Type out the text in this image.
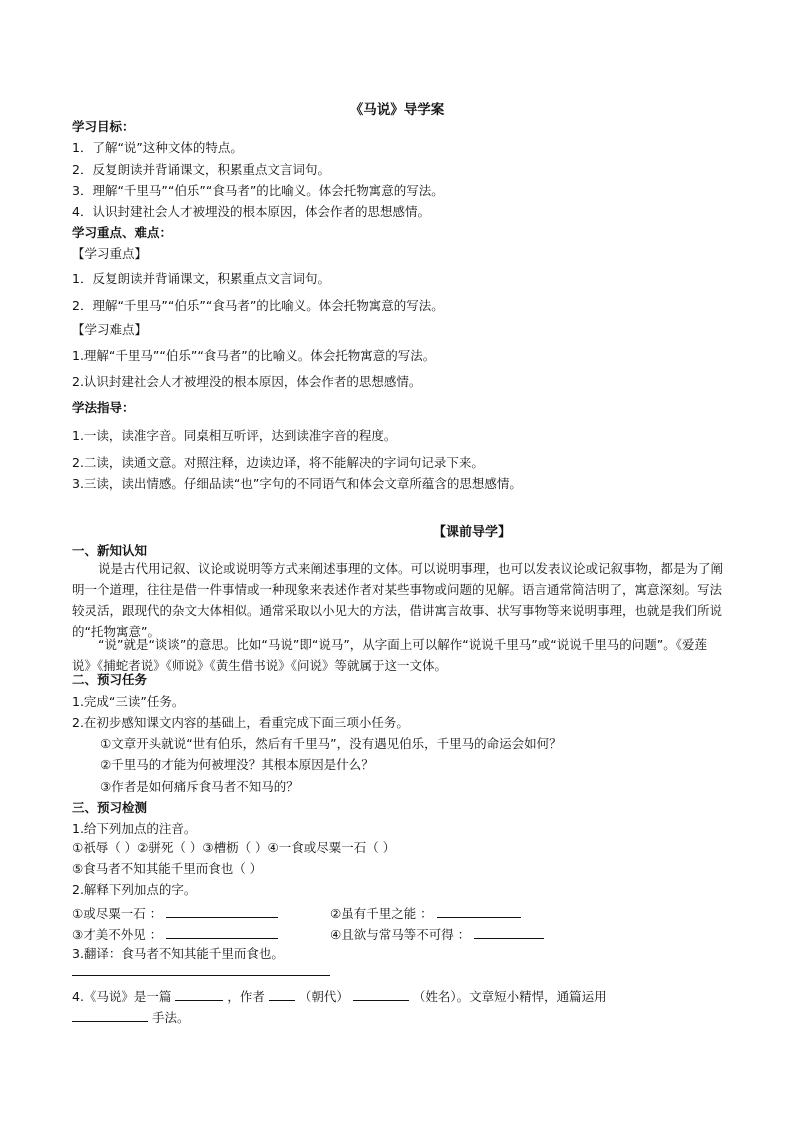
《马说》导学案
学习目标：
1．了解“说”这种文体的特点。
2．反复朗读并背诵课文，积累重点文言词句。
3．理解“千里马”“伯乐”“食马者”的比喻义。体会托物寓意的写法。
4．认识封建社会人才被埋没的根本原因，体会作者的思想感情。
学习重点、难点：
【学习重点】
1．反复朗读并背诵课文，积累重点文言词句。
2．理解“千里马”“伯乐”“食马者”的比喻义。体会托物寓意的写法。
【学习难点】
1.理解“千里马”“伯乐”“食马者”的比喻义。体会托物寓意的写法。
2.认识封建社会人才被埋没的根本原因，体会作者的思想感情。
学法指导：
1.一读，读准字音。同桌相互听评，达到读准字音的程度。
2.二读，读通文意。对照注释，边读边译，将不能解决的字词句记录下来。
3.三读，读出情感。仔细品读“也”字句的不同语气和体会文章所蕴含的思想感情。
【课前导学】
一、新知认知
说是古代用记叙、议论或说明等方式来阐述事理的文体。可以说明事理，也可以发表议论或记叙事物，都是为了阐明一个道理，往往是借一件事情或一种现象来表述作者对某些事物或问题的见解。语言通常简洁明了，寓意深刻。写法较灵活，跟现代的杂文大体相似。通常采取以小见大的方法，借讲寓言故事、状写事物等来说明事理，也就是我们所说的“托物寓意”。
“说”就是“谈谈”的意思。比如“马说”即“说马”，从字面上可以解作“说说千里马”或“说说千里马的问题”。《爱莲说》《捕蛇者说》《师说》《黄生借书说》《问说》等就属于这一文体。
二、预习任务
1.完成“三读”任务。
2.在初步感知课文内容的基础上，看重完成下面三项小任务。
①文章开头就说“世有伯乐，然后有千里马”，没有遇见伯乐，千里马的命运会如何？
②千里马的才能为何被埋没？其根本原因是什么？
③作者是如何痛斥食马者不知马的？
三、预习检测
1.给下列加点的注音。
①祇辱（ ）②骈死（ ）③槽枥（ ）④一食或尽粟一石（ ）
⑤食马者不知其能千里而食也（ ）
2.解释下列加点的字。
①或尽粟一石 ：	②虽有千里之能 ：
③才美不外见 ：	④且欲与常马等不可得 ：
3.翻译：食马者不知其能千里而食也。
4.《马说》是一篇	，作者	（朝代）	（姓名）。文章短小精悍，通篇运用
手法。
